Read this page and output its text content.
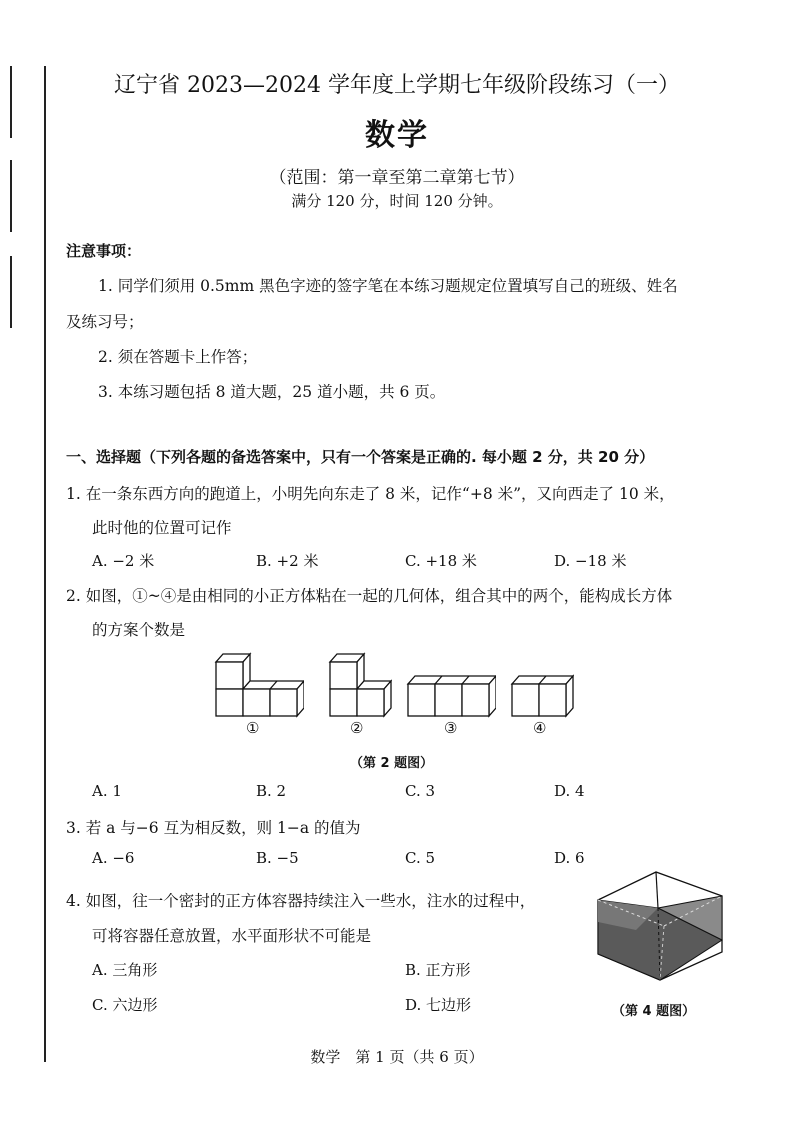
辽宁省 2023—2024 学年度上学期七年级阶段练习（一）
数学
（范围：第一章至第二章第七节）
满分 120 分，时间 120 分钟。
注意事项：
1. 同学们须用 0.5mm 黑色字迹的签字笔在本练习题规定位置填写自己的班级、姓名
及练习号；
2. 须在答题卡上作答；
3. 本练习题包括 8 道大题，25 道小题，共 6 页。
一、选择题（下列各题的备选答案中，只有一个答案是正确的. 每小题 2 分，共 20 分）
1. 在一条东西方向的跑道上，小明先向东走了 8 米，记作“+8 米”，又向西走了 10 米，
此时他的位置可记作
A. −2 米	B. +2 米	C. +18 米	D. −18 米
2. 如图，①~④是由相同的小正方体粘在一起的几何体，组合其中的两个，能构成长方体
的方案个数是
①	②	③	④
（第 2 题图）
A. 1	B. 2	C. 3	D. 4
3. 若 a 与−6 互为相反数，则 1−a 的值为
A. −6	B. −5	C. 5	D. 6
4. 如图，往一个密封的正方体容器持续注入一些水，注水的过程中，
可将容器任意放置，水平面形状不可能是
A. 三角形	B. 正方形
C. 六边形	D. 七边形	（第 4 题图）
数学　第 1 页（共 6 页）
